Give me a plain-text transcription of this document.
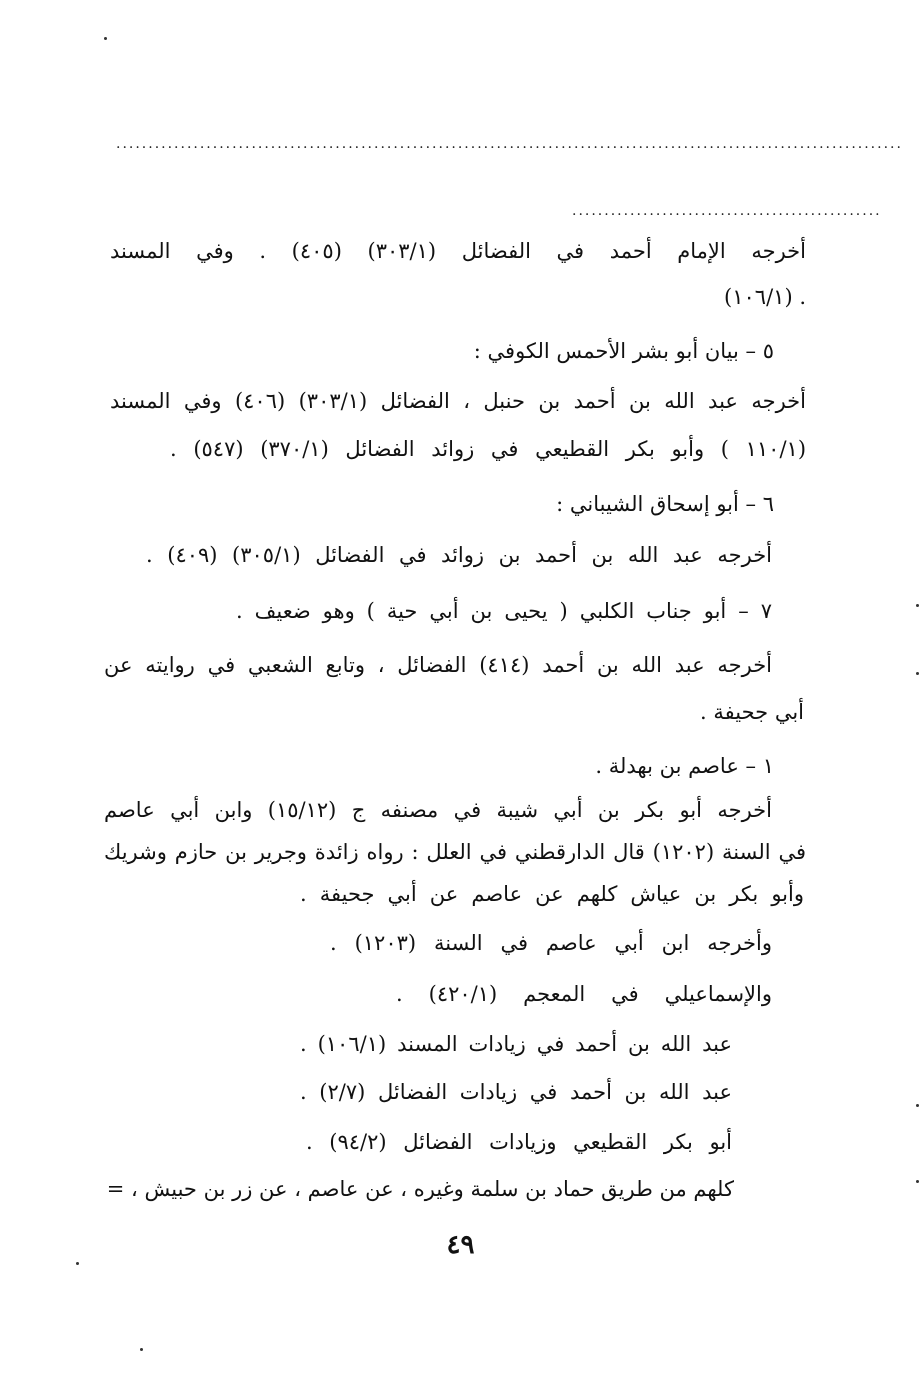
..........................................................................................................................
................................................
أخرجه الإمام أحمد في الفضائل (٣٠٣/١) (٤٠٥) . وفي المسند
. (١٠٦/١)
٥ – بيان أبو بشر الأحمس الكوفي :
أخرجه عبد الله بن أحمد بن حنبل ، الفضائل (٣٠٣/١) (٤٠٦) وفي المسند
(١١٠/١ ) وأبو بكر القطيعي في زوائد الفضائل (٣٧٠/١) (٥٤٧) .
٦ – أبو إسحاق الشيباني :
أخرجه عبد الله بن أحمد بن زوائد في الفضائل (٣٠٥/١) (٤٠٩) .
٧ – أبو جناب الكلبي ( يحيى بن أبي حية ) وهو ضعيف .
أخرجه عبد الله بن أحمد (٤١٤) الفضائل ، وتابع الشعبي في روايته عن
أبي جحيفة .
١ – عاصم بن بهدلة .
أخرجه أبو بكر بن أبي شيبة في مصنفه ج (١٥/١٢) وابن أبي عاصم
في السنة (١٢٠٢) قال الدارقطني في العلل : رواه زائدة وجرير بن حازم وشريك
وأبو بكر بن عياش كلهم عن عاصم عن أبي جحيفة .
وأخرجه ابن أبي عاصم في السنة (١٢٠٣) .
والإسماعيلي في المعجم (٤٢٠/١) .
عبد الله بن أحمد في زيادات المسند (١٠٦/١) .
عبد الله بن أحمد في زيادات الفضائل (٢/٧) .
أبو بكر القطيعي وزيادات الفضائل (٩٤/٢) .
كلهم من طريق حماد بن سلمة وغيره ، عن عاصم ، عن زر بن حبيش ، =
٤٩
